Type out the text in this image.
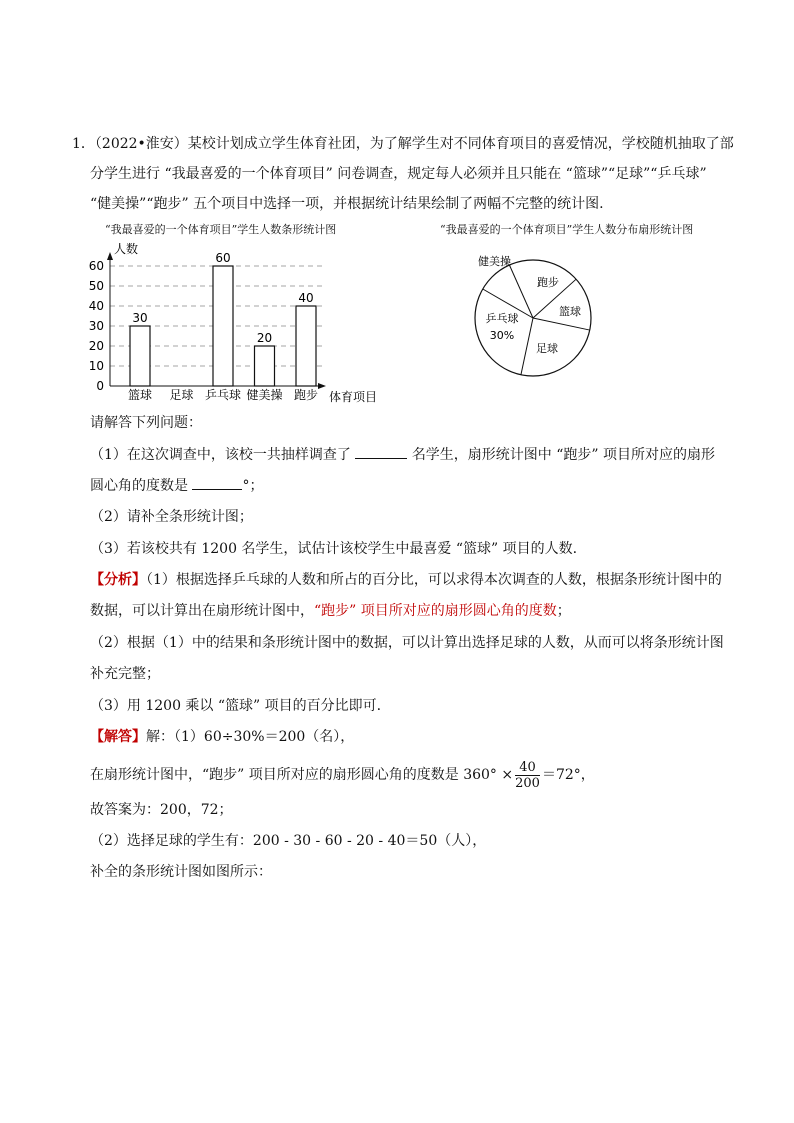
1．（2022•淮安）某校计划成立学生体育社团，为了解学生对不同体育项目的喜爱情况，学校随机抽取了部
分学生进行 “我最喜爱的一个体育项目” 问卷调查，规定每人必须并且只能在 “篮球”“足球”“乒乓球”
“健美操”“跑步” 五个项目中选择一项，并根据统计结果绘制了两幅不完整的统计图.
“我最喜爱的一个体育项目”学生人数条形统计图	“我最喜爱的一个体育项目”学生人数分布扇形统计图
人数
0
10
20
30
40
50
60
30
60
20
40
篮球 足球 乒乓球 健美操 跑步 体育项目
健美操
跑步
篮球
足球
乒乓球
30%
请解答下列问题：
（1）在这次调查中，该校一共抽样调查了	名学生，扇形统计图中 “跑步” 项目所对应的扇形
圆心角的度数是	°；
（2）请补全条形统计图；
（3）若该校共有 1200 名学生，试估计该校学生中最喜爱 “篮球” 项目的人数.
【分析】（1）根据选择乒乓球的人数和所占的百分比，可以求得本次调查的人数，根据条形统计图中的
数据，可以计算出在扇形统计图中，“跑步” 项目所对应的扇形圆心角的度数；
（2）根据（1）中的结果和条形统计图中的数据，可以计算出选择足球的人数，从而可以将条形统计图
补充完整；
（3）用 1200 乘以 “篮球” 项目的百分比即可.
【解答】解：（1）60÷30%＝200（名），
在扇形统计图中，“跑步” 项目所对应的扇形圆心角的度数是 $360^\circ \times \frac{40}{200} =72^\circ$，
故答案为：200，72；
（2）选择足球的学生有：200 - 30 - 60 - 20 - 40＝50（人），
补全的条形统计图如图所示：
